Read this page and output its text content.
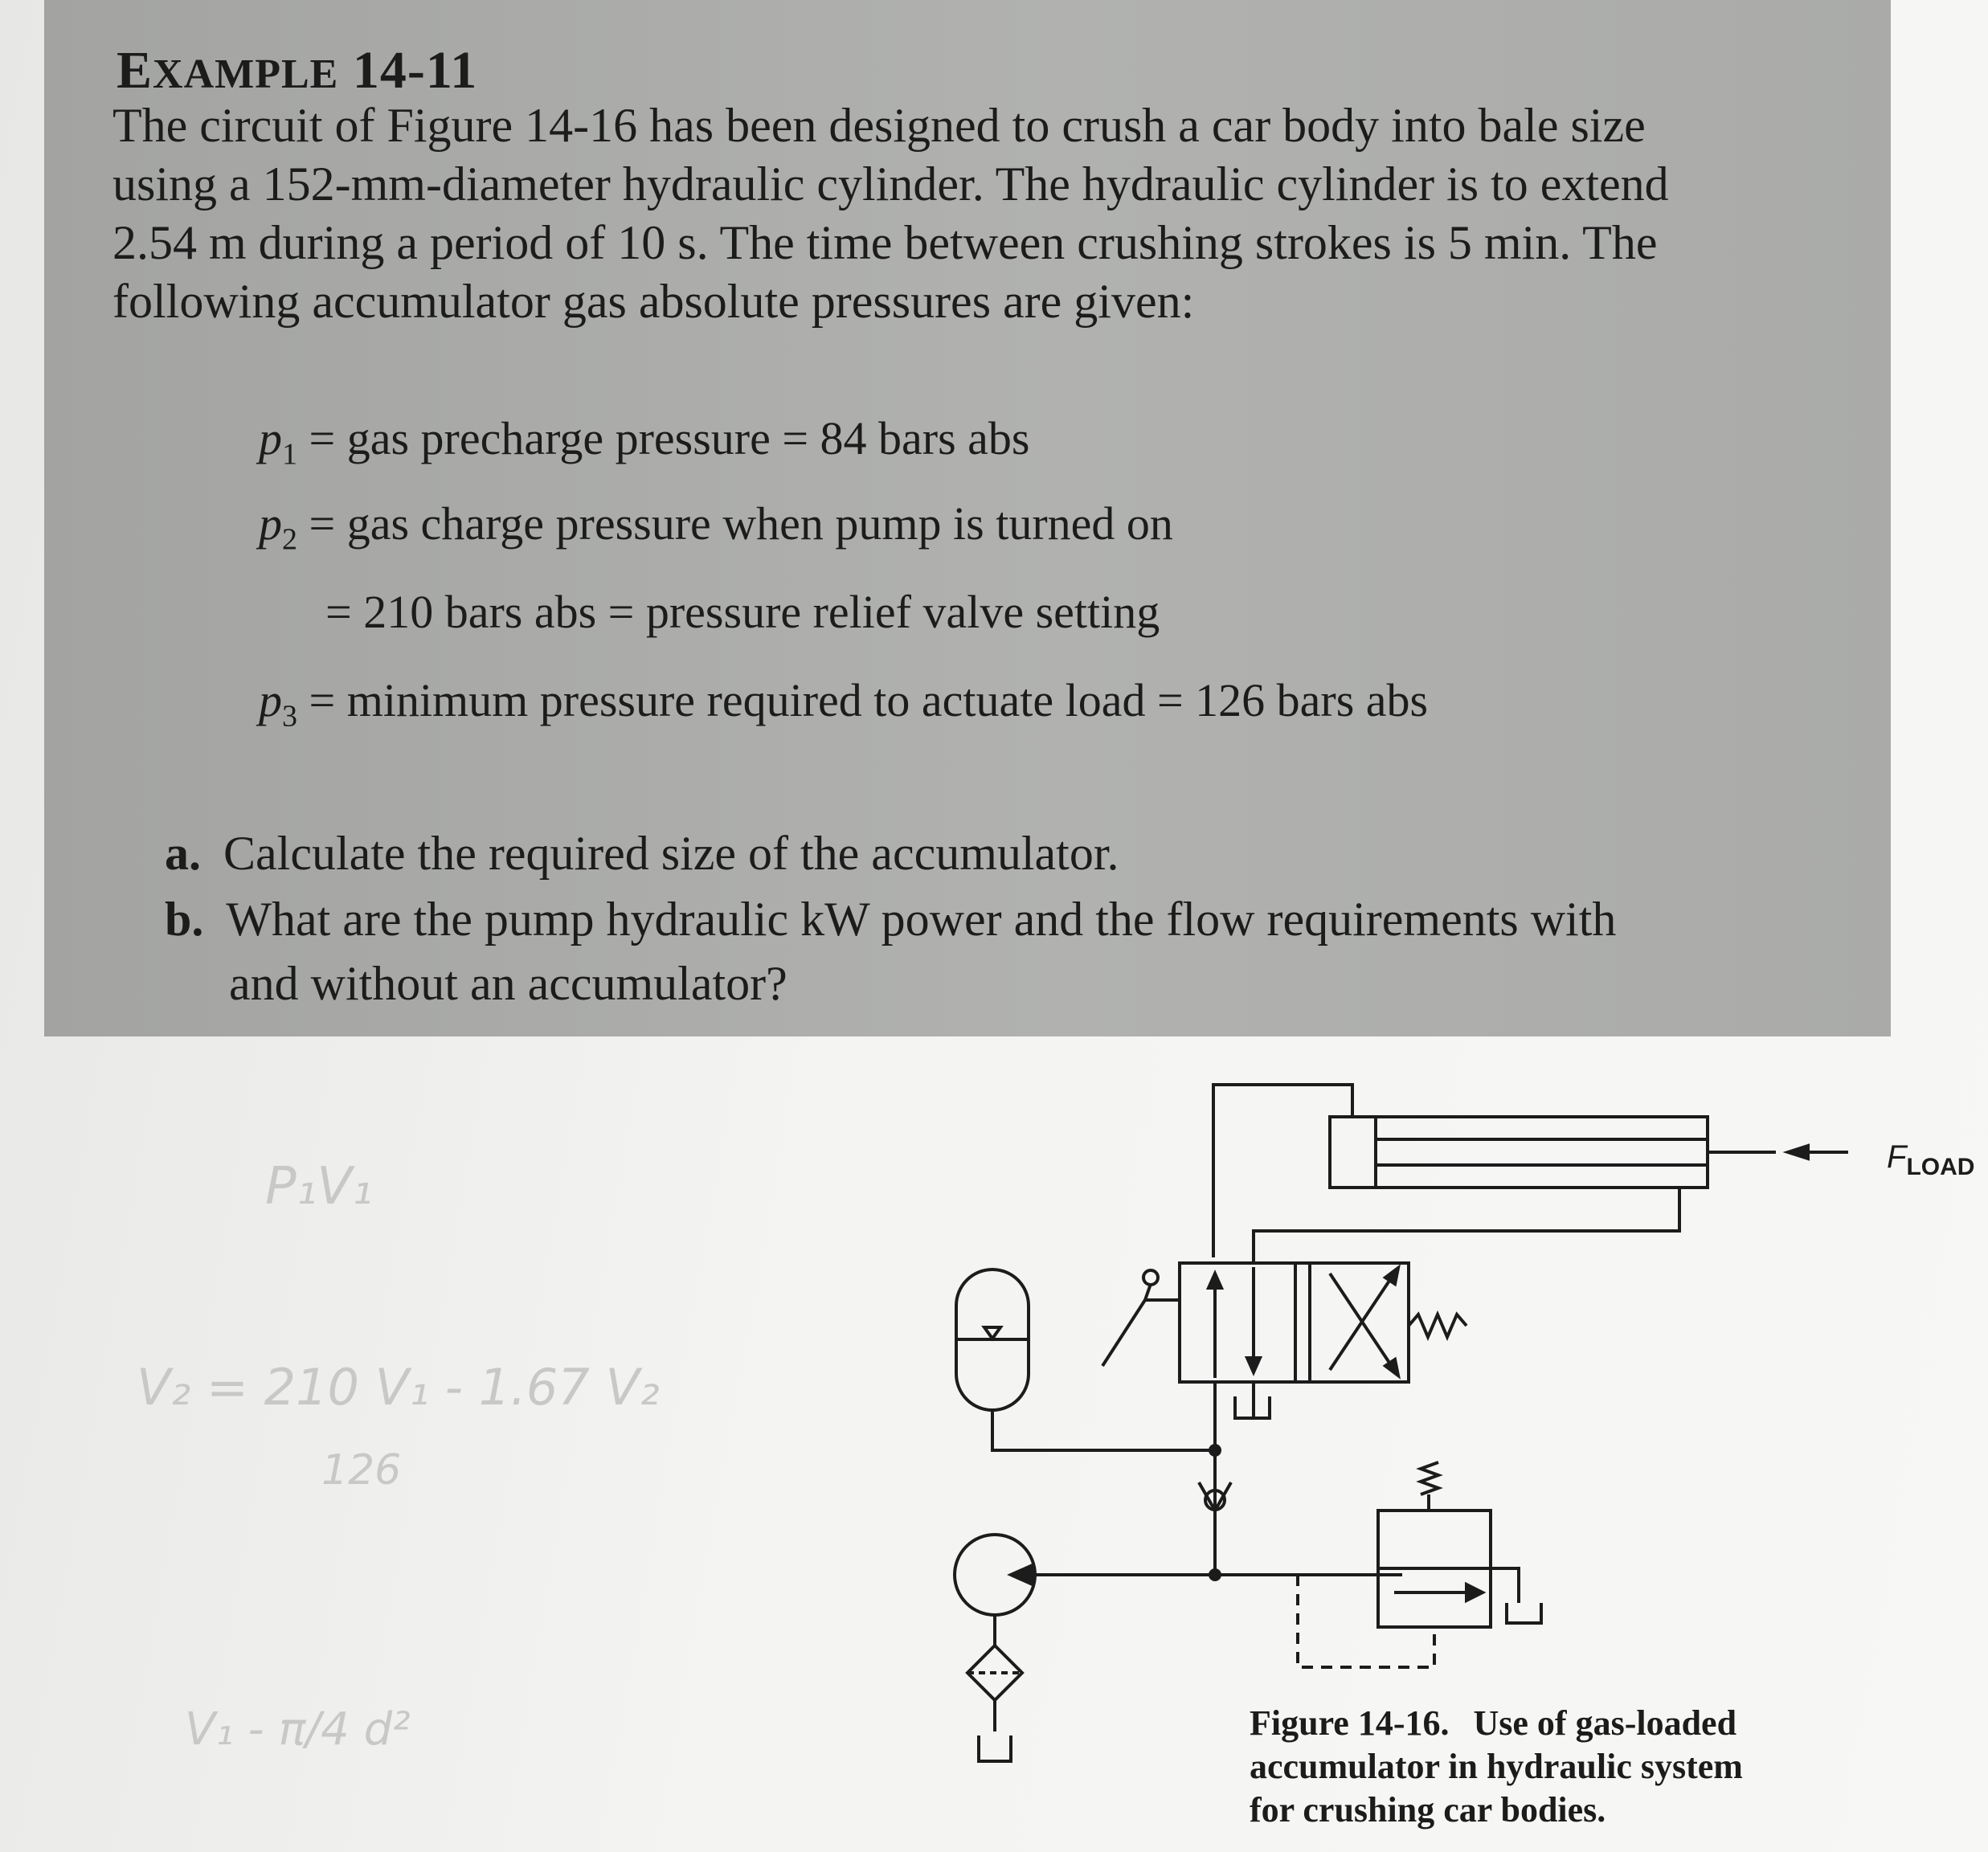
EXAMPLE 14-11
The circuit of Figure 14-16 has been designed to crush a car body into bale size
using a 152-mm-diameter hydraulic cylinder. The hydraulic cylinder is to extend
2.54 m during a period of 10 s. The time between crushing strokes is 5 min. The
following accumulator gas absolute pressures are given:
$p_1$ = gas precharge pressure = 84 bars abs
$p_2$ = gas charge pressure when pump is turned on
= 210 bars abs = pressure relief valve setting
$p_3$ = minimum pressure required to actuate load = 126 bars abs
a. Calculate the required size of the accumulator.
b. What are the pump hydraulic kW power and the flow requirements with
and without an accumulator?
P₁V₁
V₂ = 210 V₁ - 1.67 V₂
126
V₁ - π/4 d²
$F_{LOAD}$
Figure 14-16. Use of gas-loaded
accumulator in hydraulic system
for crushing car bodies.
